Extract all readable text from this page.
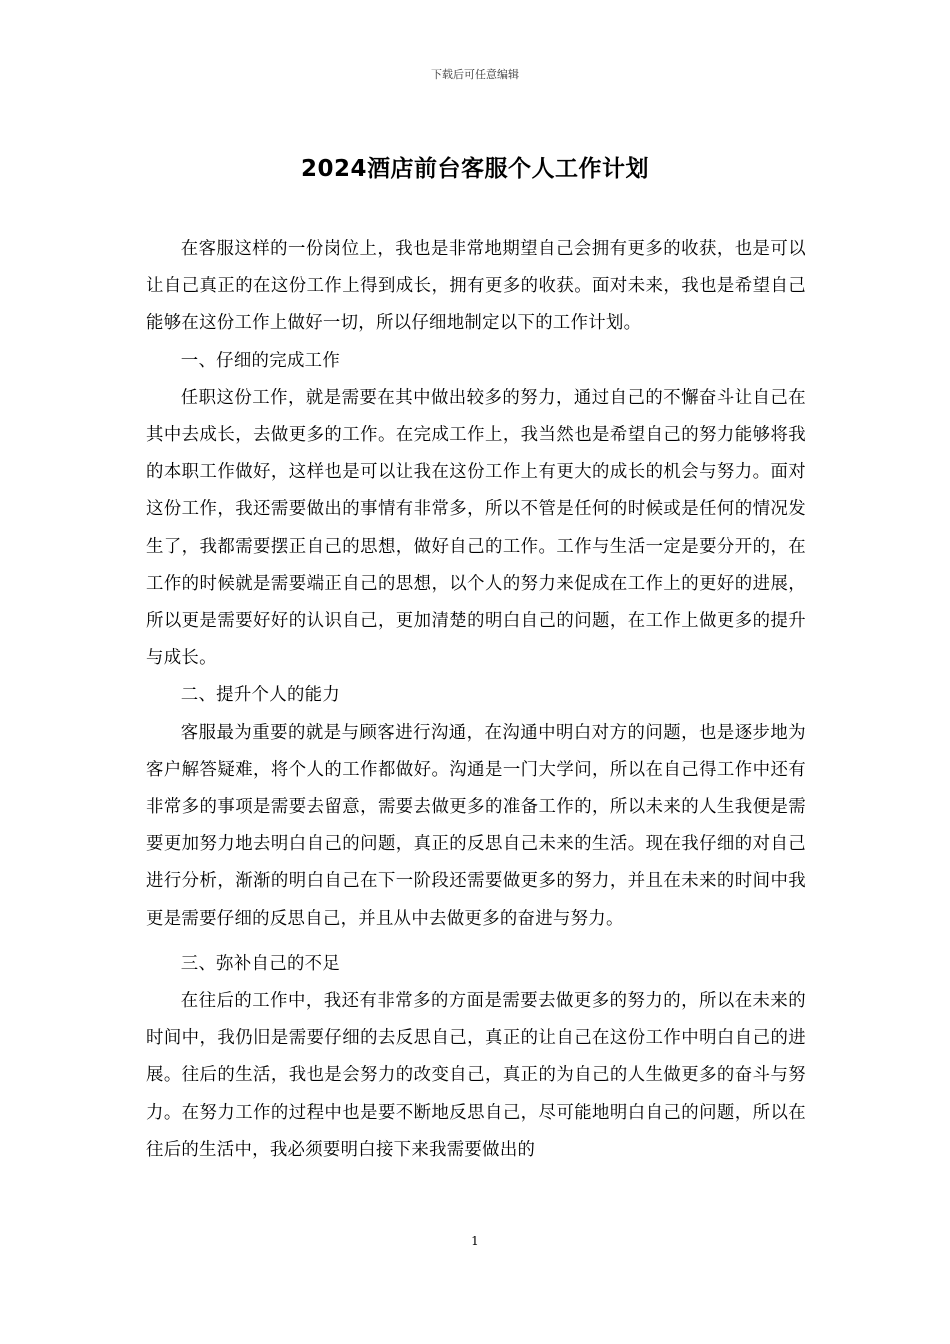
下载后可任意编辑
2024酒店前台客服个人工作计划

在客服这样的一份岗位上，我也是非常地期望自己会拥有更多的收获，也是可以让自己真正的在这份工作上得到成长，拥有更多的收获。面对未来，我也是希望自己能够在这份工作上做好一切，所以仔细地制定以下的工作计划。

一、仔细的完成工作

任职这份工作，就是需要在其中做出较多的努力，通过自己的不懈奋斗让自己在其中去成长，去做更多的工作。在完成工作上，我当然也是希望自己的努力能够将我的本职工作做好，这样也是可以让我在这份工作上有更大的成长的机会与努力。面对这份工作，我还需要做出的事情有非常多，所以不管是任何的时候或是任何的情况发生了，我都需要摆正自己的思想，做好自己的工作。工作与生活一定是要分开的，在工作的时候就是需要端正自己的思想，以个人的努力来促成在工作上的更好的进展，所以更是需要好好的认识自己，更加清楚的明白自己的问题，在工作上做更多的提升与成长。

二、提升个人的能力

客服最为重要的就是与顾客进行沟通，在沟通中明白对方的问题，也是逐步地为客户解答疑难，将个人的工作都做好。沟通是一门大学问，所以在自己得工作中还有非常多的事项是需要去留意，需要去做更多的准备工作的，所以未来的人生我便是需要更加努力地去明白自己的问题，真正的反思自己未来的生活。现在我仔细的对自己进行分析，渐渐的明白自己在下一阶段还需要做更多的努力，并且在未来的时间中我更是需要仔细的反思自己，并且从中去做更多的奋进与努力。

三、弥补自己的不足

在往后的工作中，我还有非常多的方面是需要去做更多的努力的，所以在未来的时间中，我仍旧是需要仔细的去反思自己，真正的让自己在这份工作中明白自己的进展。往后的生活，我也是会努力的改变自己，真正的为自己的人生做更多的奋斗与努力。在努力工作的过程中也是要不断地反思自己，尽可能地明白自己的问题，所以在往后的生活中，我必须要明白接下来我需要做出的

1
